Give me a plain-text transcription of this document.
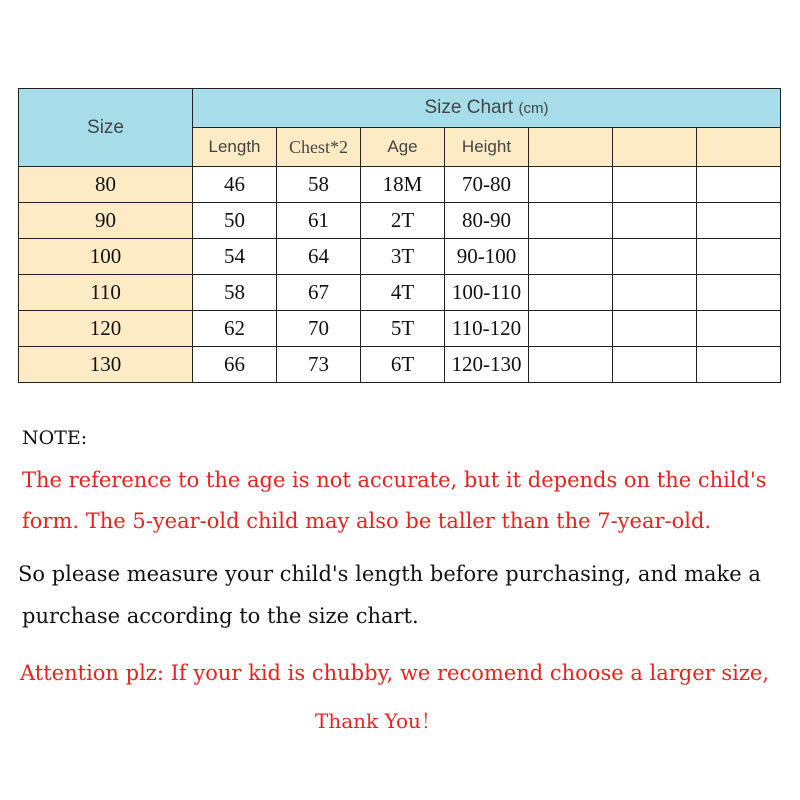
Size	Size Chart (cm)						
	Length	Chest*2	Age	Height			
80	46	58	18M	70-80			
90	50	61	2T	80-90			
100	54	64	3T	90-100			
110	58	67	4T	100-110			
120	62	70	5T	110-120			
130	66	73	6T	120-130			
NOTE:
The reference to the age is not accurate, but it depends on the child's
form. The 5-year-old child may also be taller than the 7-year-old.
So please measure your child's length before purchasing, and make a
purchase according to the size chart.
Attention plz: If your kid is chubby, we recomend choose a larger size,
Thank You！
